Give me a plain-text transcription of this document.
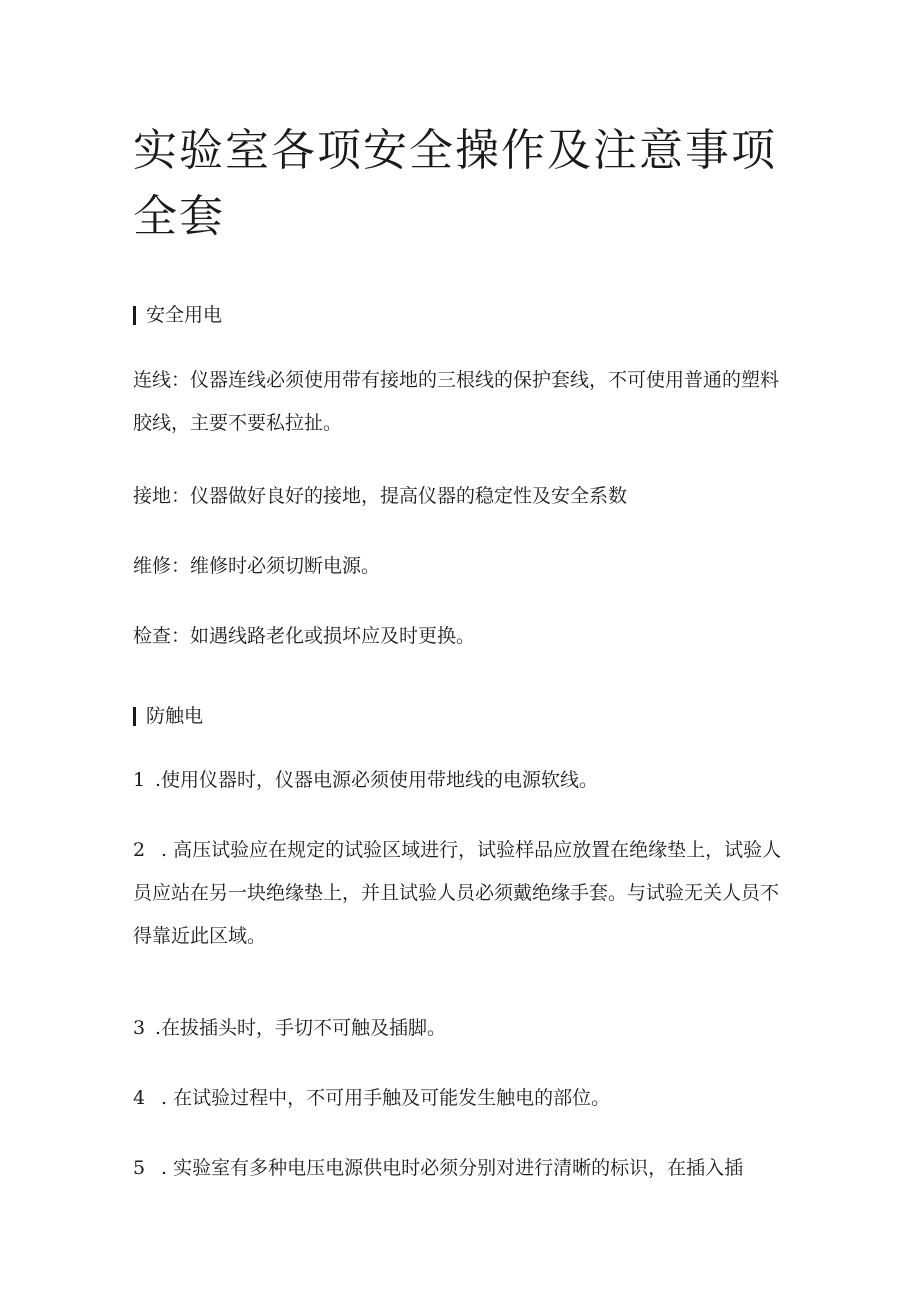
实验室各项安全操作及注意事项全套
安全用电

连线：仪器连线必须使用带有接地的三根线的保护套线，不可使用普通的塑料胶线，主要不要私拉扯。

接地：仪器做好良好的接地，提高仪器的稳定性及安全系数

维修：维修时必须切断电源。

检查：如遇线路老化或损坏应及时更换。

防触电

1 .使用仪器时，仪器电源必须使用带地线的电源软线。

2 . 高压试验应在规定的试验区域进行，试验样品应放置在绝缘垫上，试验人员应站在另一块绝缘垫上，并且试验人员必须戴绝缘手套。与试验无关人员不得靠近此区域。

3 .在拔插头时，手切不可触及插脚。

4 . 在试验过程中，不可用手触及可能发生触电的部位。

5 . 实验室有多种电压电源供电时必须分别对进行清晰的标识，在插入插
